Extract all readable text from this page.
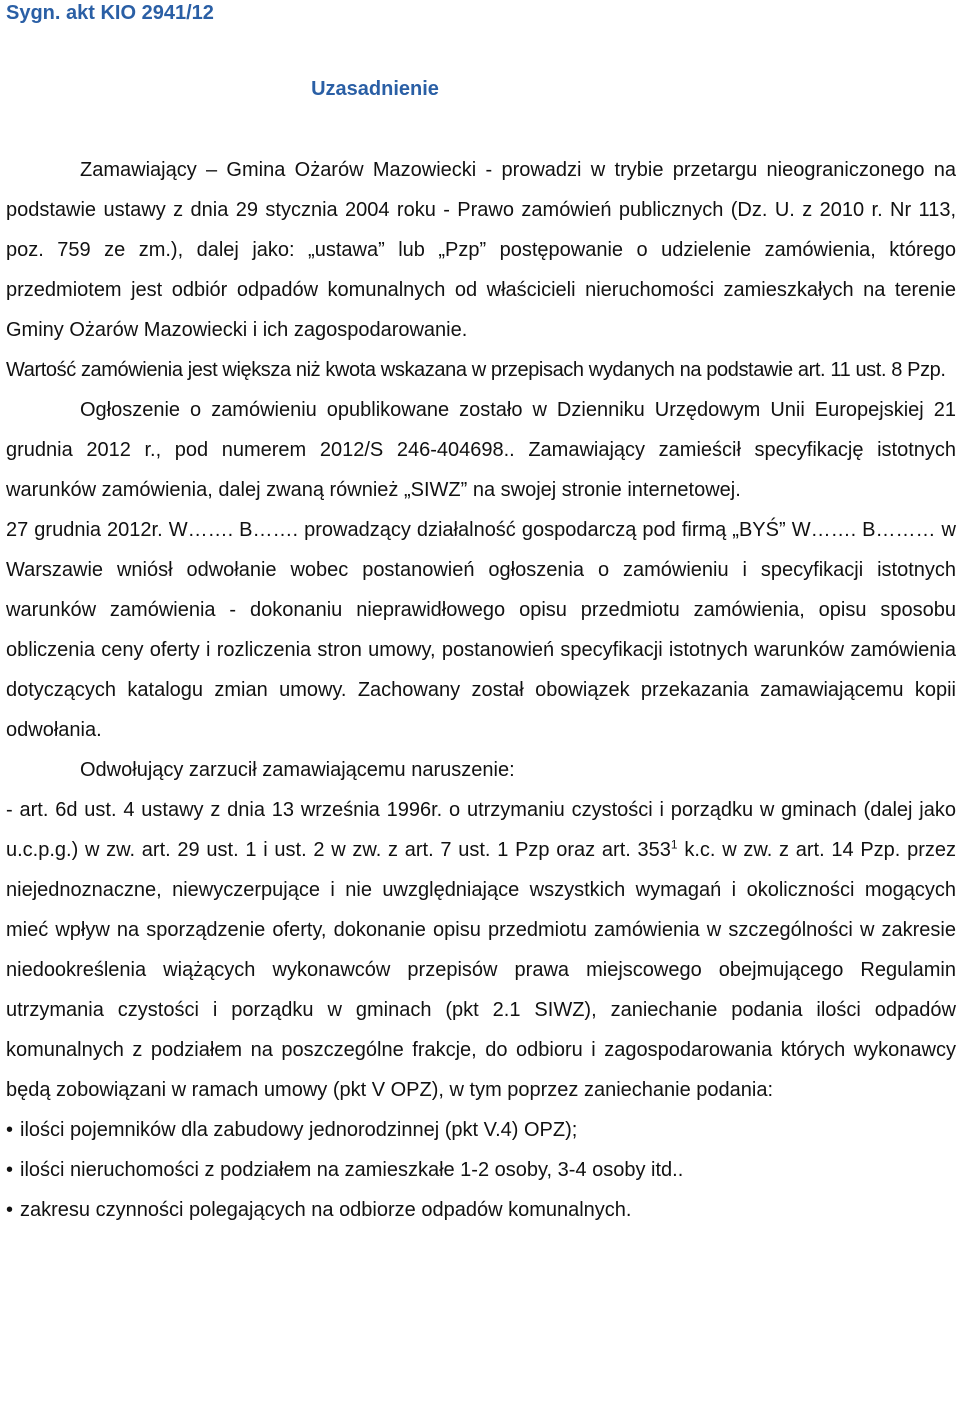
Sygn. akt KIO 2941/12
Uzasadnienie

Zamawiający – Gmina Ożarów Mazowiecki - prowadzi w trybie przetargu nieograniczonego na podstawie ustawy z dnia 29 stycznia 2004 roku - Prawo zamówień publicznych (Dz. U. z 2010 r. Nr 113, poz. 759 ze zm.), dalej jako: „ustawa” lub „Pzp” postępowanie o udzielenie zamówienia, którego przedmiotem jest odbiór odpadów komunalnych od właścicieli nieruchomości zamieszkałych na terenie Gminy Ożarów Mazowiecki i ich zagospodarowanie.

Wartość zamówienia jest większa niż kwota wskazana w przepisach wydanych na podstawie art. 11 ust. 8 Pzp.

Ogłoszenie o zamówieniu opublikowane zostało w Dzienniku Urzędowym Unii Europejskiej 21 grudnia 2012 r., pod numerem 2012/S 246-404698.. Zamawiający zamieścił specyfikację istotnych warunków zamówienia, dalej zwaną również „SIWZ” na swojej stronie internetowej.

27 grudnia 2012r. W……. B……. prowadzący działalność gospodarczą pod firmą „BYŚ” W……. B……… w Warszawie wniósł odwołanie wobec postanowień ogłoszenia o zamówieniu i specyfikacji istotnych warunków zamówienia - dokonaniu nieprawidłowego opisu przedmiotu zamówienia, opisu sposobu obliczenia ceny oferty i rozliczenia stron umowy, postanowień specyfikacji istotnych warunków zamówienia dotyczących katalogu zmian umowy. Zachowany został obowiązek przekazania zamawiającemu kopii odwołania.

Odwołujący zarzucił zamawiającemu naruszenie:

- art. 6d ust. 4 ustawy z dnia 13 września 1996r. o utrzymaniu czystości i porządku w gminach (dalej jako u.c.p.g.) w zw. art. 29 ust. 1 i ust. 2 w zw. z art. 7 ust. 1 Pzp oraz art. $353^1$ k.c. w zw. z art. 14 Pzp. przez niejednoznaczne, niewyczerpujące i nie uwzględniające wszystkich wymagań i okoliczności mogących mieć wpływ na sporządzenie oferty, dokonanie opisu przedmiotu zamówienia w szczególności w zakresie niedookreślenia wiążących wykonawców przepisów prawa miejscowego obejmującego Regulamin utrzymania czystości i porządku w gminach (pkt 2.1 SIWZ), zaniechanie podania ilości odpadów komunalnych z podziałem na poszczególne frakcje, do odbioru i zagospodarowania których wykonawcy będą zobowiązani w ramach umowy (pkt V OPZ), w tym poprzez zaniechanie podania:

• ilości pojemników dla zabudowy jednorodzinnej (pkt V.4) OPZ);
• ilości nieruchomości z podziałem na zamieszkałe 1-2 osoby, 3-4 osoby itd..
• zakresu czynności polegających na odbiorze odpadów komunalnych.
